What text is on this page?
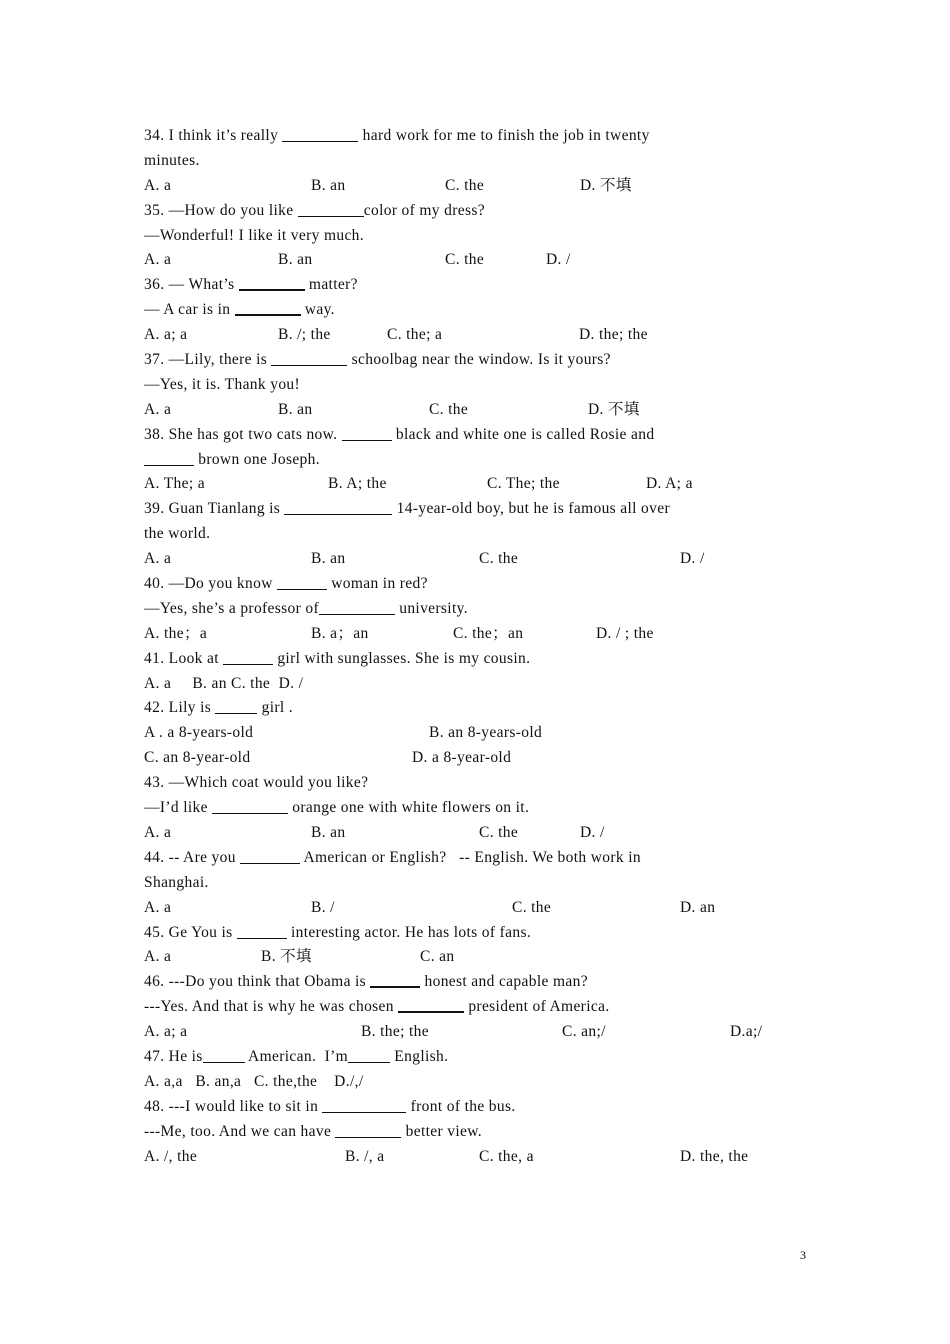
34. I think it’s really	hard work for me to finish the job in twenty
minutes.
A. a	B. an	C. the	D. 不填
35. —How do you like	color of my dress?
—Wonderful! I like it very much.
A. a	B. an	C. the	D. /
36. — What’s	matter?
— A car is in	way.
A. a; a	B. /; the	C. the; a	D. the; the
37. —Lily, there is	schoolbag near the window. Is it yours?
—Yes, it is. Thank you!
A. a	B. an	C. the	D. 不填
38. She has got two cats now.	black and white one is called Rosie and
brown one Joseph.
A. The; a	B. A; the	C. The; the	D. A; a
39. Guan Tianlang is	14-year-old boy, but he is famous all over
the world.
A. a	B. an	C. the	D. /
40. —Do you know	woman in red?
—Yes, she’s a professor of	university.
A. the；a	B. a；an	C. the；an	D. / ; the
41. Look at	girl with sunglasses. She is my cousin.
A. a     B. an C. the  D. /
42. Lily is	girl .
A . a 8-years-old	B. an 8-years-old
C. an 8-year-old	D. a 8-year-old
43. —Which coat would you like?
—I’d like	orange one with white flowers on it.
A. a	B. an	C. the	D. /
44. -- Are you	American or English?   -- English. We both work in
Shanghai.
A. a	B. /	C. the	D. an
45. Ge You is	interesting actor. He has lots of fans.
A. a	B. 不填	C. an
46. ---Do you think that Obama is	honest and capable man?
---Yes. And that is why he was chosen	president of America.
A. a; a	B. the; the	C. an;/	D.a;/
47. He is	American.  I’m	English.
A. a,a   B. an,a   C. the,the    D./,/
48. ---I would like to sit in	front of the bus.
---Me, too. And we can have	better view.
A. /, the	B. /, a	C. the, a	D. the, the
3
